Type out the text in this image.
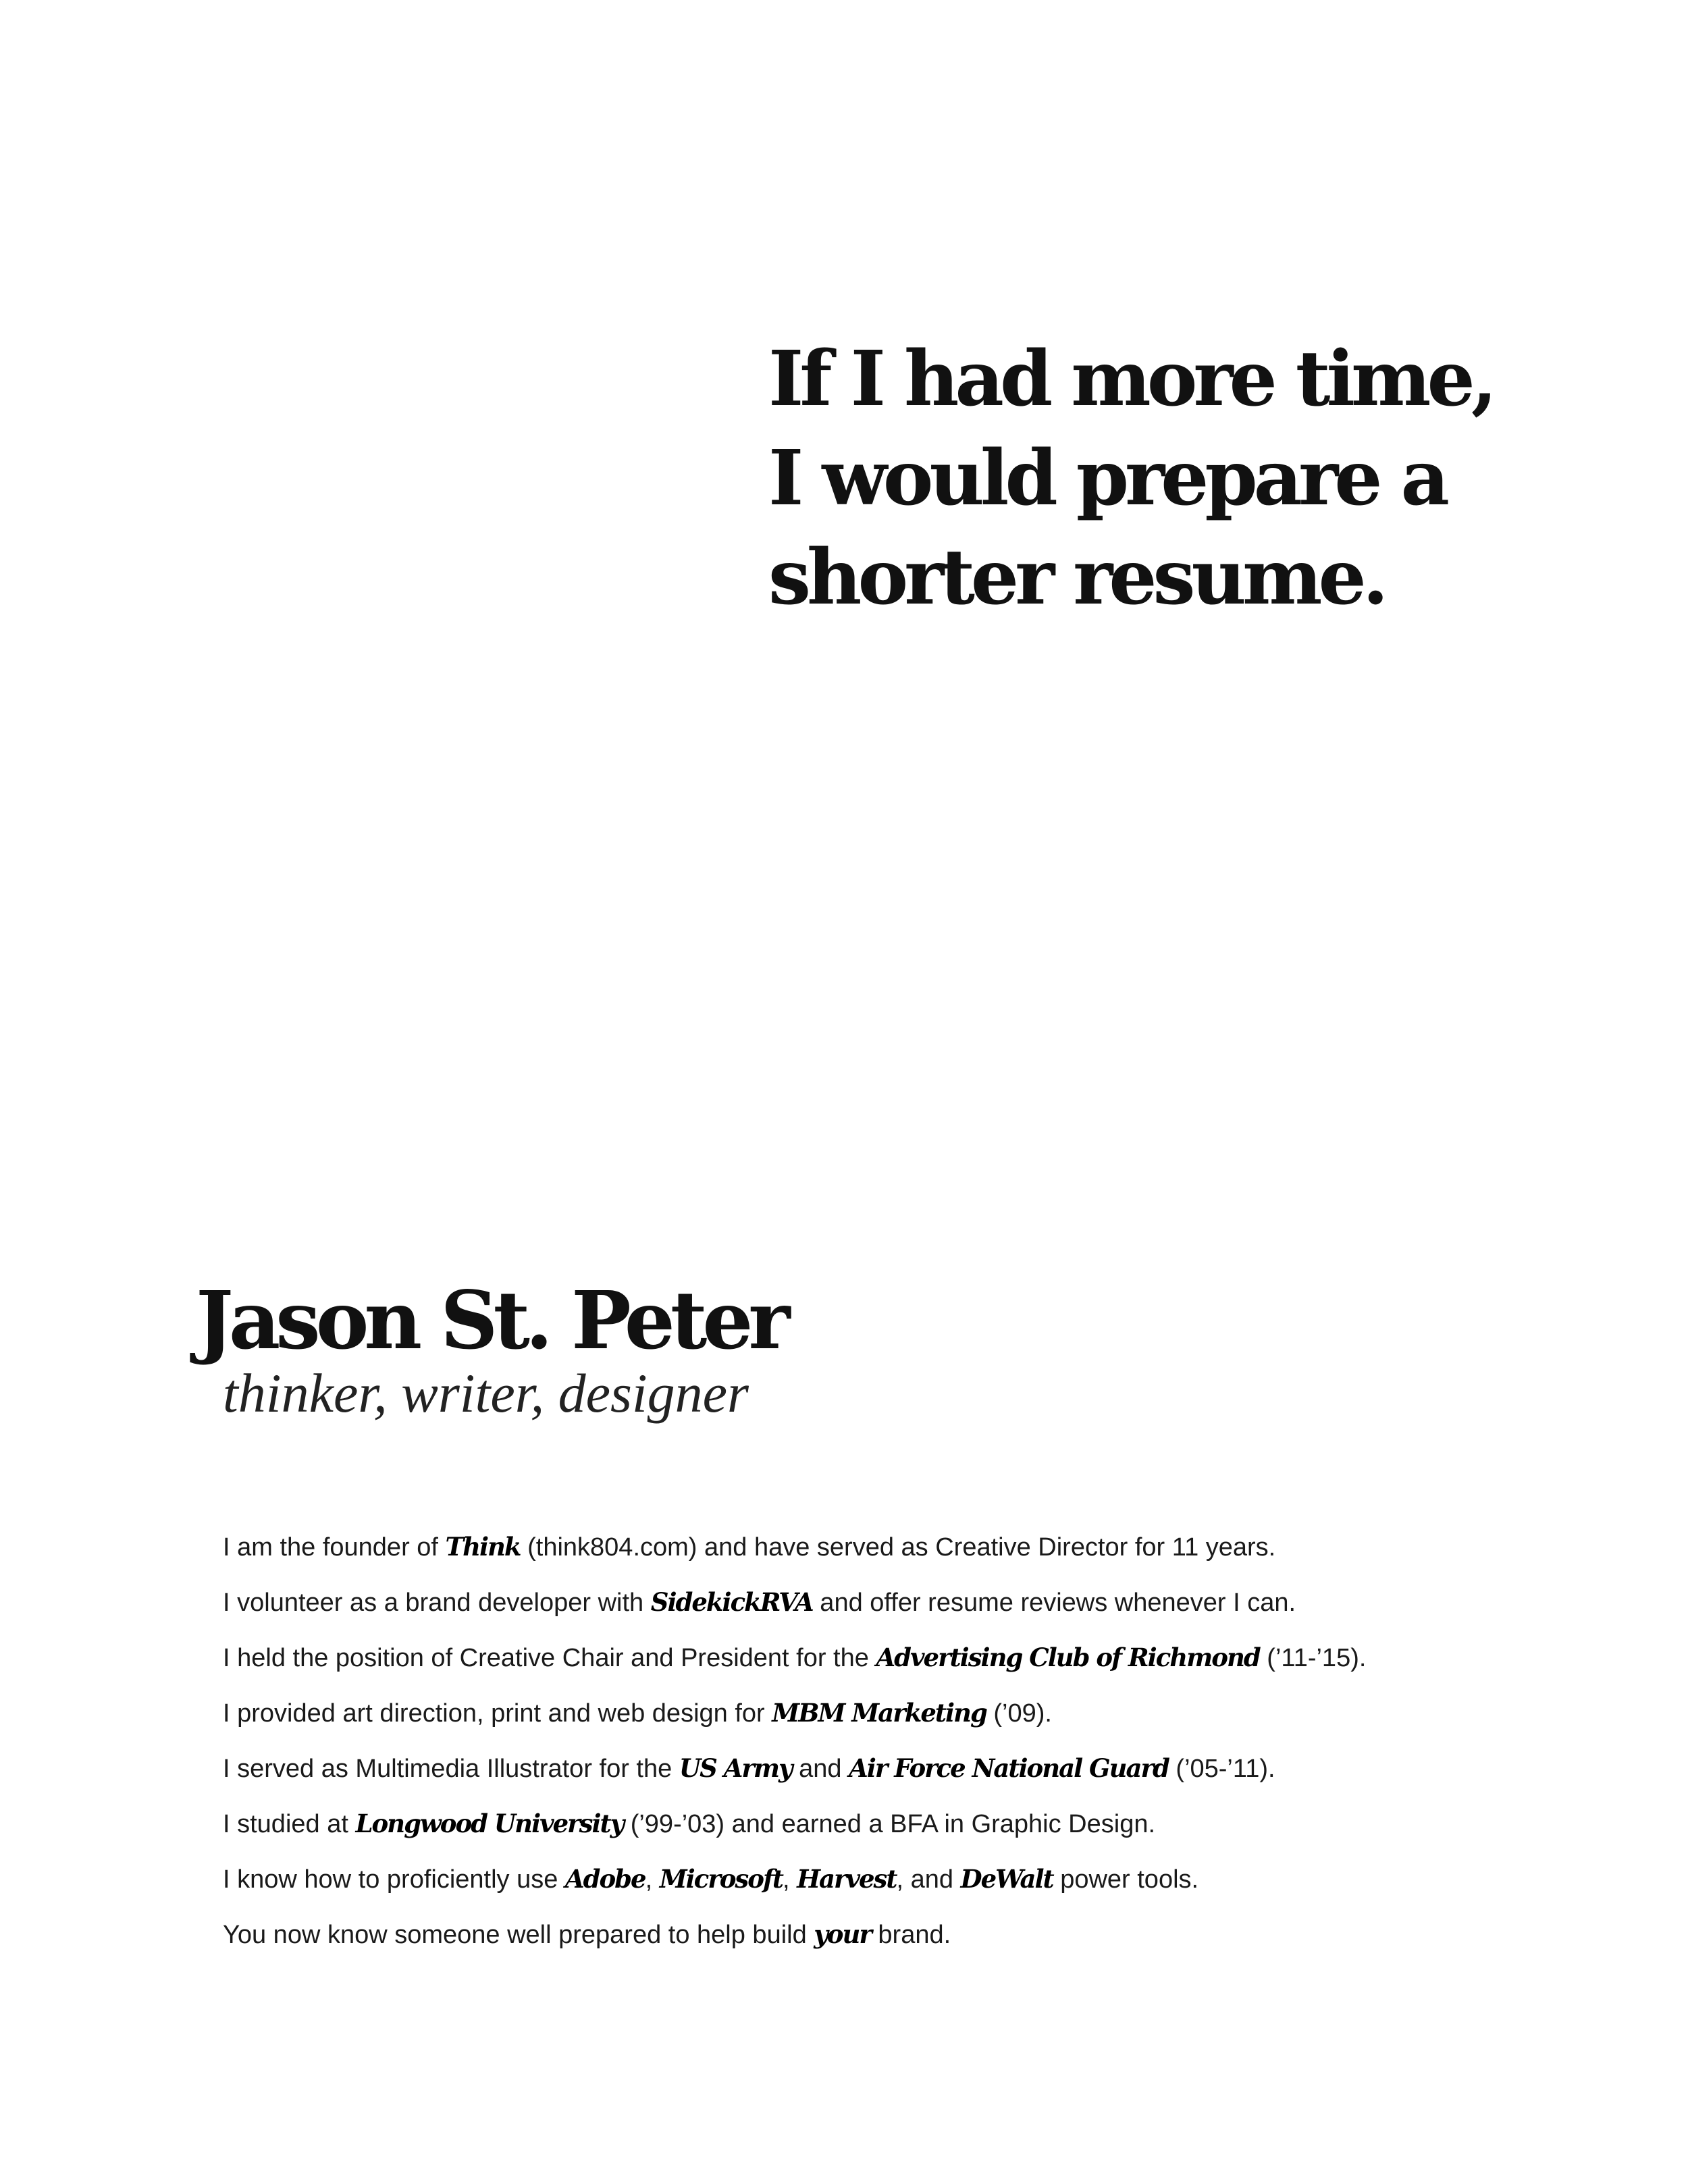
If I had more time,
I would prepare a
shorter resume.
Jason St. Peter

thinker, writer, designer

I am the founder of Think (think804.com) and have served as Creative Director for 11 years.
I volunteer as a brand developer with SidekickRVA and offer resume reviews whenever I can.
I held the position of Creative Chair and President for the Advertising Club of Richmond (’11-’15).
I provided art direction, print and web design for MBM Marketing (’09).
I served as Multimedia Illustrator for the US Army and Air Force National Guard (’05-’11).
I studied at Longwood University (’99-’03) and earned a BFA in Graphic Design.
I know how to proficiently use Adobe, Microsoft, Harvest, and DeWalt power tools.
You now know someone well prepared to help build your brand.
